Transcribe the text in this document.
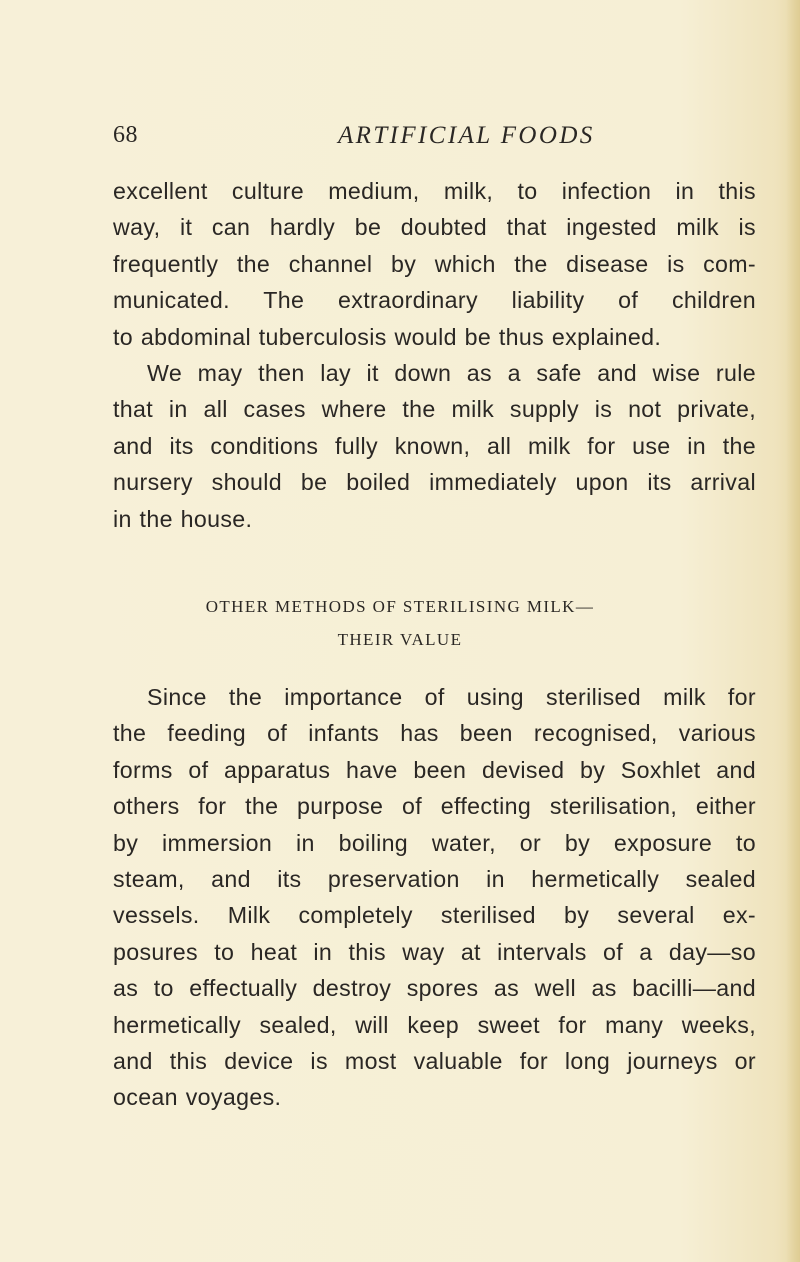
68	ARTIFICIAL FOODS
excellent culture medium, milk, to infection in this
way, it can hardly be doubted that ingested milk is
frequently the channel by which the disease is com-
municated. The extraordinary liability of children
to abdominal tuberculosis would be thus explained.
We may then lay it down as a safe and wise rule
that in all cases where the milk supply is not private,
and its conditions fully known, all milk for use in the
nursery should be boiled immediately upon its arrival
in the house.
OTHER METHODS OF STERILISING MILK—
THEIR VALUE
Since the importance of using sterilised milk for
the feeding of infants has been recognised, various
forms of apparatus have been devised by Soxhlet and
others for the purpose of effecting sterilisation, either
by immersion in boiling water, or by exposure to
steam, and its preservation in hermetically sealed
vessels. Milk completely sterilised by several ex-
posures to heat in this way at intervals of a day—so
as to effectually destroy spores as well as bacilli—and
hermetically sealed, will keep sweet for many weeks,
and this device is most valuable for long journeys or
ocean voyages.
